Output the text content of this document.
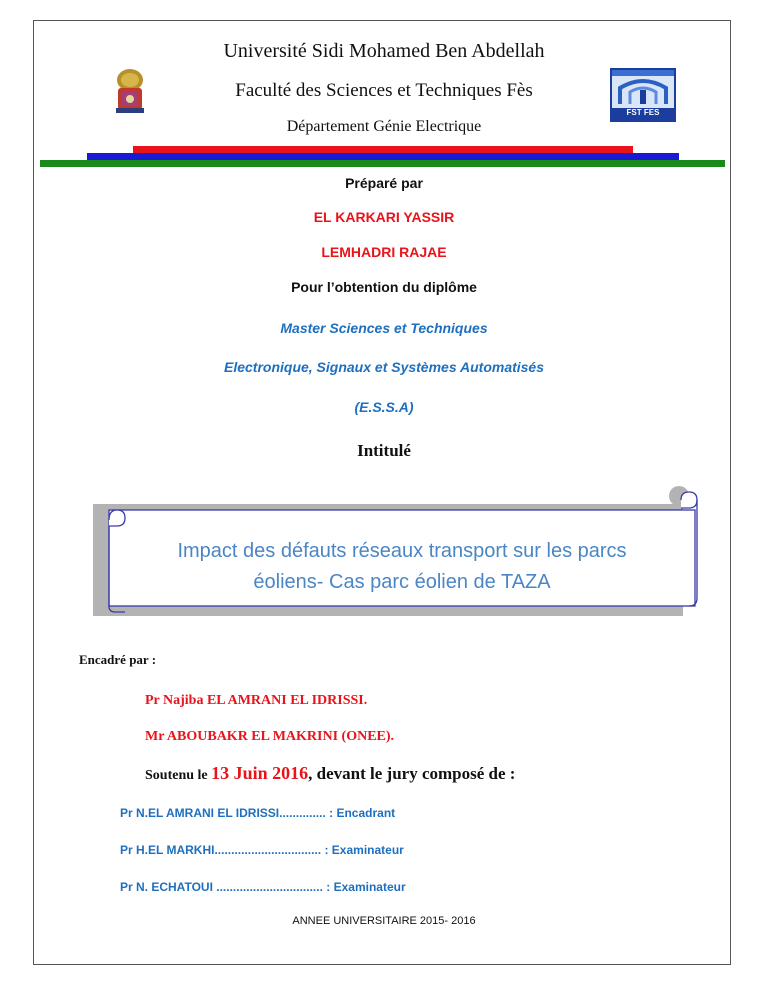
Université Sidi Mohamed Ben Abdellah
Faculté des Sciences et Techniques Fès
Département Génie Electrique
FST FES
Préparé par
EL KARKARI YASSIR
LEMHADRI RAJAE
Pour l’obtention du diplôme
Master Sciences et Techniques
Electronique, Signaux et Systèmes Automatisés
(E.S.S.A)
Intitulé
Impact des défauts réseaux transport sur les parcs
éoliens- Cas parc éolien de TAZA
Encadré par :
Pr Najiba EL AMRANI EL IDRISSI.
Mr ABOUBAKR EL MAKRINI (ONEE).
Soutenu le 13 Juin 2016, devant le jury composé de :
Pr N.EL AMRANI EL IDRISSI.............. : Encadrant
Pr H.EL MARKHI................................ : Examinateur
Pr N. ECHATOUI ................................ : Examinateur
ANNEE UNIVERSITAIRE 2015- 2016
